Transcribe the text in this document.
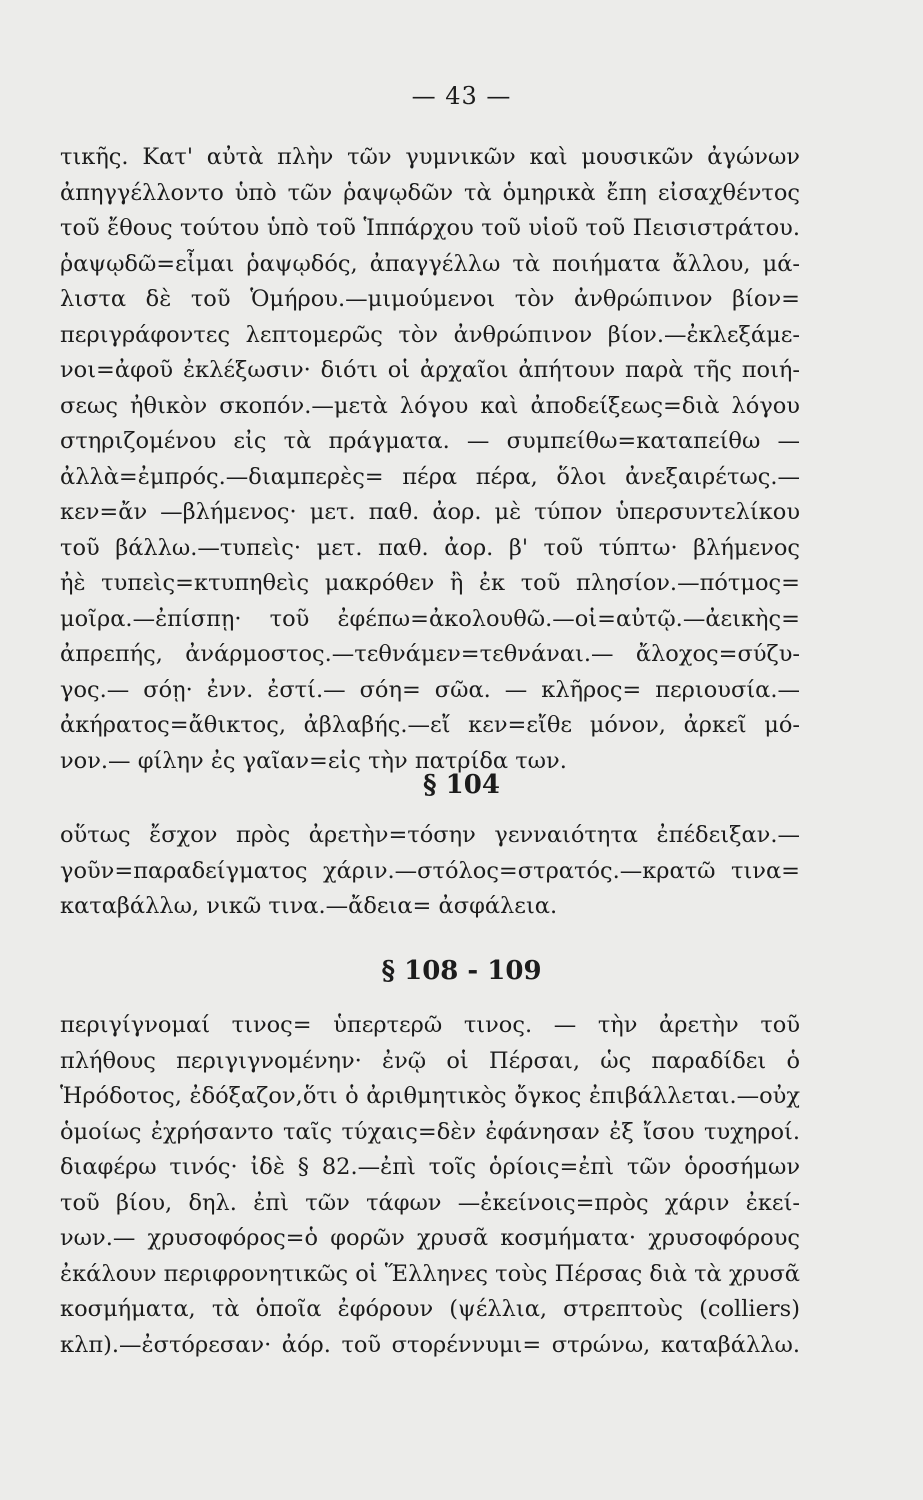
— 43 —
τικῆς. Κατ' αὐτὰ πλὴν τῶν γυμνικῶν καὶ μουσικῶν ἀγώνων
ἀπηγγέλλοντο ὑπὸ τῶν ῥαψῳδῶν τὰ ὁμηρικὰ ἔπη εἰσαχθέντος
τοῦ ἔθους τούτου ὑπὸ τοῦ Ἱππάρχου τοῦ υἱοῦ τοῦ Πεισιστράτου.
ῥαψῳδῶ=εἶμαι ῥαψῳδός, ἀπαγγέλλω τὰ ποιήματα ἄλλου, μά-
λιστα δὲ τοῦ Ὁμήρου.—μιμούμενοι τὸν ἀνθρώπινον βίον=
περιγράφοντες λεπτομερῶς τὸν ἀνθρώπινον βίον.—ἐκλεξάμε-
νοι=ἀφοῦ ἐκλέξωσιν· διότι οἱ ἀρχαῖοι ἀπήτουν παρὰ τῆς ποιή-
σεως ἠθικὸν σκοπόν.—μετὰ λόγου καὶ ἀποδείξεως=διὰ λόγου
στηριζομένου εἰς τὰ πράγματα. — συμπείθω=καταπείθω —
ἀλλὰ=ἐμπρός.—διαμπερὲς= πέρα πέρα, ὅλοι ἀνεξαιρέτως.—
κεν=ἄν —βλήμενος· μετ. παθ. ἀορ. μὲ τύπον ὑπερσυντελίκου
τοῦ βάλλω.—τυπεὶς· μετ. παθ. ἀορ. β' τοῦ τύπτω· βλήμενος
ἠὲ τυπεὶς=κτυπηθεὶς μακρόθεν ἢ ἐκ τοῦ πλησίον.—πότμος=
μοῖρα.—ἐπίσπῃ· τοῦ ἐφέπω=ἀκολουθῶ.—οἱ=αὐτῷ.—ἀεικὴς=
ἀπρεπής, ἀνάρμοστος.—τεθνάμεν=τεθνάναι.— ἄλοχος=σύζυ-
γος.— σόῃ· ἐνν. ἐστί.— σόη= σῶα. — κλῆρος= περιουσία.—
ἀκήρατος=ἄθικτος, ἀβλαβής.—εἴ κεν=εἴθε μόνον, ἀρκεῖ μό-
νον.— φίλην ἐς γαῖαν=εἰς τὴν πατρίδα των.
§ 104
οὕτως ἔσχον πρὸς ἀρετὴν=τόσην γενναιότητα ἐπέδειξαν.—
γοῦν=παραδείγματος χάριν.—στόλος=στρατός.—κρατῶ τινα=
καταβάλλω, νικῶ τινα.—ἄδεια= ἀσφάλεια.
§ 108 - 109
περιγίγνομαί τινος= ὑπερτερῶ τινος. — τὴν ἀρετὴν τοῦ
πλήθους περιγιγνομένην· ἐνῷ οἱ Πέρσαι, ὡς παραδίδει ὁ
Ἡρόδοτος, ἐδόξαζον,ὅτι ὁ ἀριθμητικὸς ὄγκος ἐπιβάλλεται.—οὐχ
ὁμοίως ἐχρήσαντο ταῖς τύχαις=δὲν ἐφάνησαν ἐξ ἴσου τυχηροί.
διαφέρω τινός· ἰδὲ § 82.—ἐπὶ τοῖς ὁρίοις=ἐπὶ τῶν ὁροσήμων
τοῦ βίου, δηλ. ἐπὶ τῶν τάφων —ἐκείνοις=πρὸς χάριν ἐκεί-
νων.— χρυσοφόρος=ὁ φορῶν χρυσᾶ κοσμήματα· χρυσοφόρους
ἐκάλουν περιφρονητικῶς οἱ Ἕλληνες τοὺς Πέρσας διὰ τὰ χρυσᾶ
κοσμήματα, τὰ ὁποῖα ἐφόρουν (ψέλλια, στρεπτοὺς (colliers)
κλπ).—ἐστόρεσαν· ἀόρ. τοῦ στορέννυμι= στρώνω, καταβάλλω.
